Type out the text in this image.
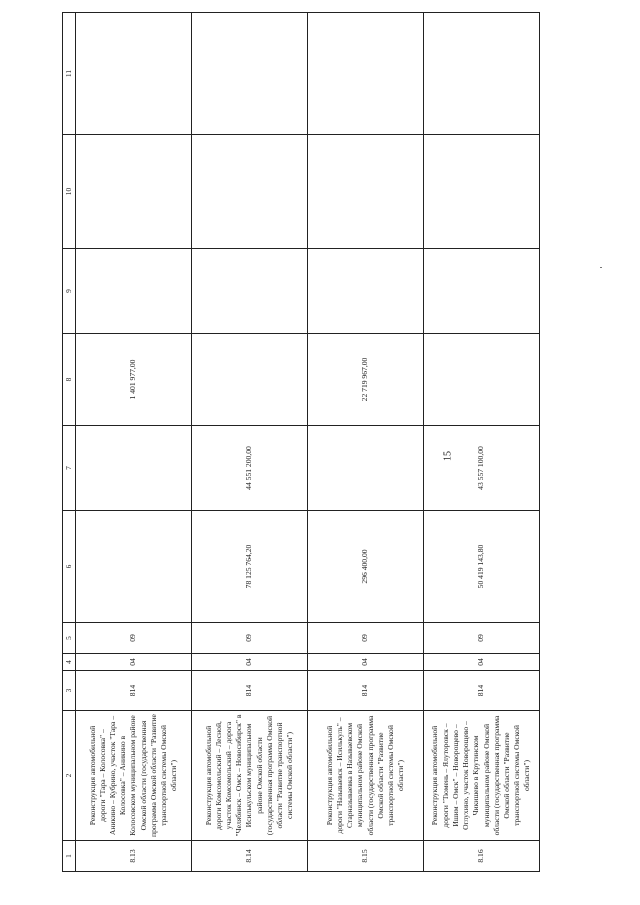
15
1	2	3	4	5	6	7	8	9	10	11
8.13	Реконструкция автомобильной дороги "Тара – Колосовка" – Аникино – Кубрино, участок "Тара – Колосовка" – Аникино в Колосовском муниципальном районе Омской области (государственная программа Омской области "Развитие транспортной системы Омской области")	814	04	09			1 401 977,00			
8.14	Реконструкция автомобильной дороги Комсомольский – Лесной, участок Комсомольский – дорога "Челябинск – Омск – Новосибирск" в Исилькульском муниципальном районе Омской области (государственная программа Омской области "Развитие транспортной системы Омской области")	814	04	09	78 125 764,20	44 551 200,00				
8.15	Реконструкция автомобильной дороги "Называевск – Исилькуль" – Старназываевка в Называевском муниципальном районе Омской области (государственная программа Омской области "Развитие транспортной системы Омской области")	814	04	09	296 400,00		22 719 967,00			
8.16	Реконструкция автомобильной дороги "Тюмень – Ялуторовск – Ишим – Омск" – Новорощево – Оглухино, участок Новорощево – Чикишево в Крутинском муниципальном районе Омской области (государственная программа Омской области "Развитие транспортной системы Омской области")	814	04	09	50 419 143,80	43 557 100,00				
